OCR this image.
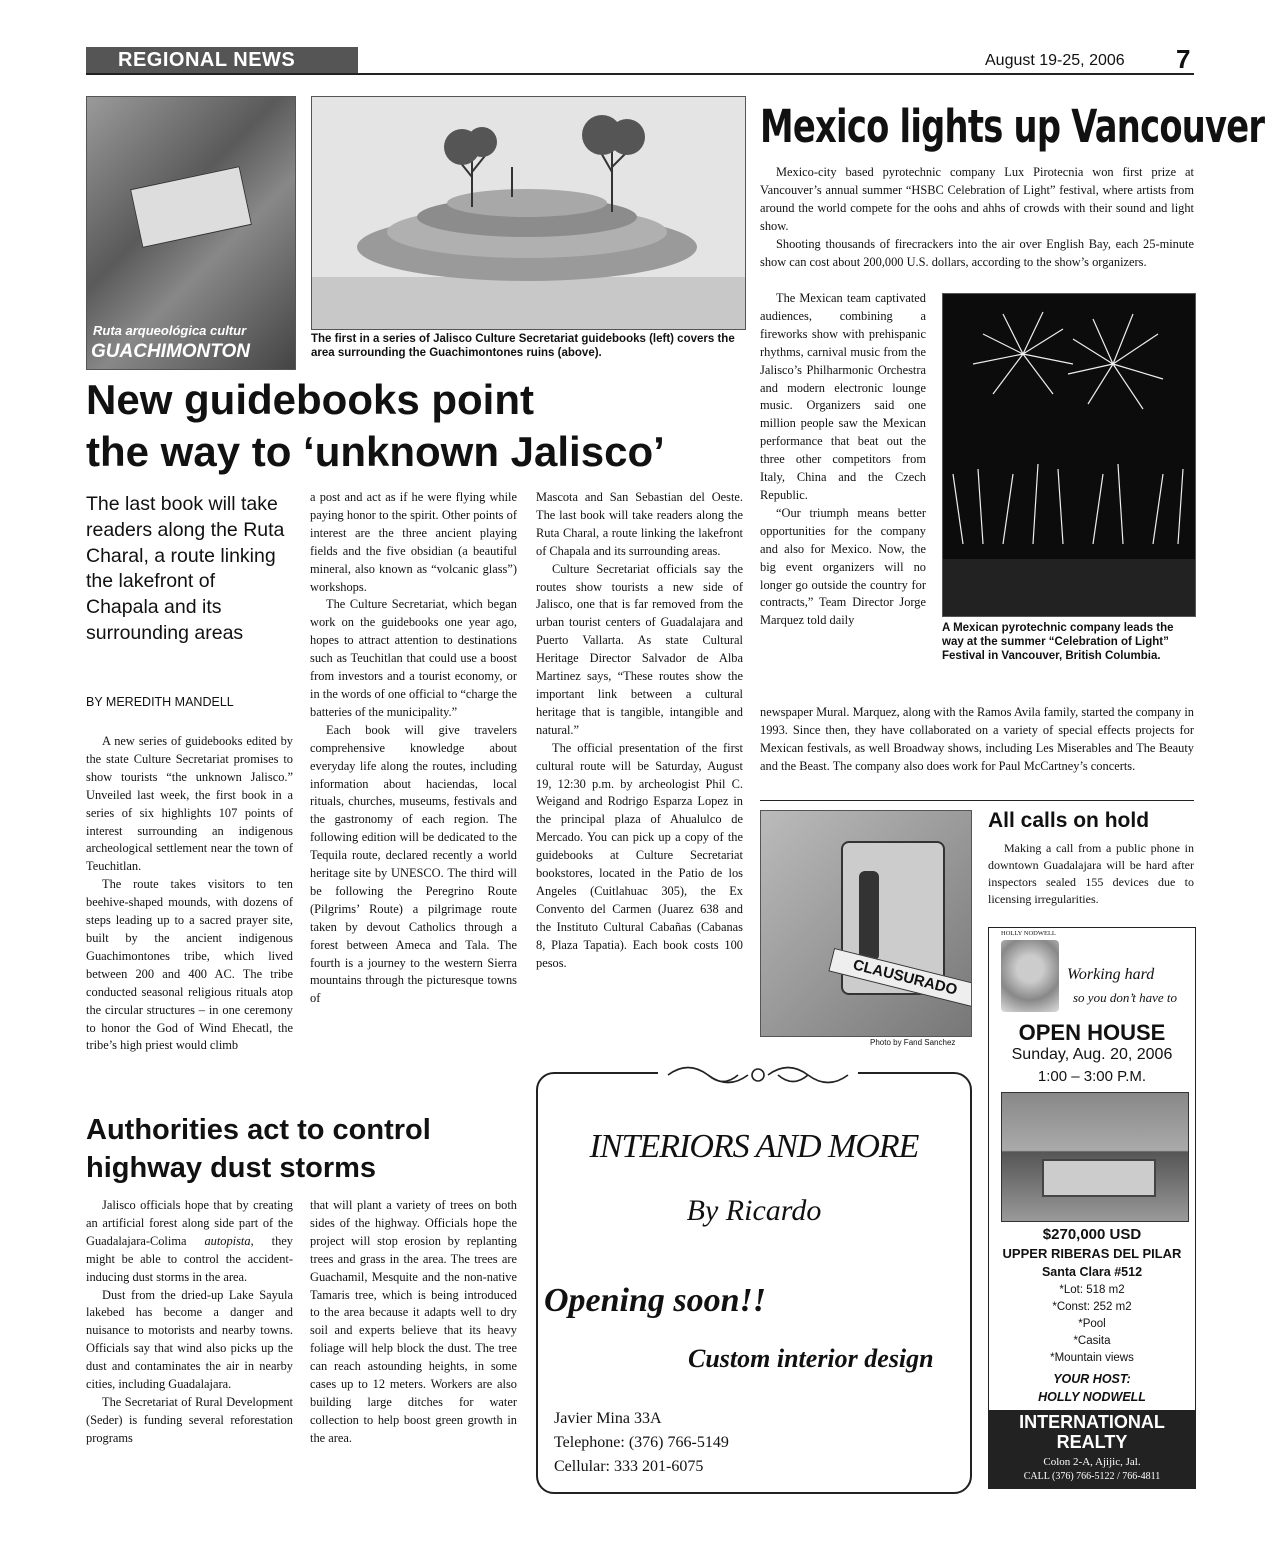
REGIONAL NEWS	August 19-25, 2006 7
Ruta arqueológica cultur
GUACHIMONTON
The first in a series of Jalisco Culture Secretariat guidebooks (left) covers the area surrounding the Guachimontones ruins (above).
New guidebooks point
the way to ‘unknown Jalisco’
The last book will take readers along the Ruta Charal, a route linking the lakefront of Chapala and its surrounding areas
BY MEREDITH MANDELL

A new series of guidebooks edited by the state Culture Secretariat promises to show tourists “the unknown Jalisco.” Unveiled last week, the first book in a series of six highlights 107 points of interest surrounding an indigenous archeological settlement near the town of Teuchitlan.

The route takes visitors to ten beehive-shaped mounds, with dozens of steps leading up to a sacred prayer site, built by the ancient indigenous Guachimontones tribe, which lived between 200 and 400 AC. The tribe conducted seasonal religious rituals atop the circular structures – in one ceremony to honor the God of Wind Ehecatl, the tribe’s high priest would climb

a post and act as if he were flying while paying honor to the spirit. Other points of interest are the three ancient playing fields and the five obsidian (a beautiful mineral, also known as “volcanic glass”) workshops.

The Culture Secretariat, which began work on the guidebooks one year ago, hopes to attract attention to destinations such as Teuchitlan that could use a boost from investors and a tourist economy, or in the words of one official to “charge the batteries of the municipality.”

Each book will give travelers comprehensive knowledge about everyday life along the routes, including information about haciendas, local rituals, churches, museums, festivals and the gastronomy of each region. The following edition will be dedicated to the Tequila route, declared recently a world heritage site by UNESCO. The third will be following the Peregrino Route (Pilgrims’ Route) a pilgrimage route taken by devout Catholics through a forest between Ameca and Tala. The fourth is a journey to the western Sierra mountains through the picturesque towns of

Mascota and San Sebastian del Oeste. The last book will take readers along the Ruta Charal, a route linking the lakefront of Chapala and its surrounding areas.

Culture Secretariat officials say the routes show tourists a new side of Jalisco, one that is far removed from the urban tourist centers of Guadalajara and Puerto Vallarta. As state Cultural Heritage Director Salvador de Alba Martinez says, “These routes show the important link between a cultural heritage that is tangible, intangible and natural.”

The official presentation of the first cultural route will be Saturday, August 19, 12:30 p.m. by archeologist Phil C. Weigand and Rodrigo Esparza Lopez in the principal plaza of Ahualulco de Mercado. You can pick up a copy of the guidebooks at Culture Secretariat bookstores, located in the Patio de los Angeles (Cuitlahuac 305), the Ex Convento del Carmen (Juarez 638 and the Instituto Cultural Cabañas (Cabanas 8, Plaza Tapatia). Each book costs 100 pesos.

Mexico lights up Vancouver

Mexico-city based pyrotechnic company Lux Pirotecnia won first prize at Vancouver’s annual summer “HSBC Celebration of Light” festival, where artists from around the world compete for the oohs and ahhs of crowds with their sound and light show.

Shooting thousands of firecrackers into the air over English Bay, each 25-minute show can cost about 200,000 U.S. dollars, according to the show’s organizers.

The Mexican team captivated audiences, combining a fireworks show with prehispanic rhythms, carnival music from the Jalisco’s Philharmonic Orchestra and modern electronic lounge music. Organizers said one million people saw the Mexican performance that beat out the three other competitors from Italy, China and the Czech Republic.

“Our triumph means better opportunities for the company and also for Mexico. Now, the big event organizers will no longer go outside the country for contracts,” Team Director Jorge Marquez told daily

A Mexican pyrotechnic company leads the way at the summer “Celebration of Light” Festival in Vancouver, British Columbia.

newspaper Mural. Marquez, along with the Ramos Avila family, started the company in 1993. Since then, they have collaborated on a variety of special effects projects for Mexican festivals, as well Broadway shows, including Les Miserables and The Beauty and the Beast. The company also does work for Paul McCartney’s concerts.

CLAUSURADO
Photo by Fand Sanchez
All calls on hold

Making a call from a public phone in downtown Guadalajara will be hard after inspectors sealed 155 devices due to licensing irregularities.

HOLLY NODWELL
Working hard
so you don’t have to
OPEN HOUSE
Sunday, Aug. 20, 2006
1:00 – 3:00 P.M.
$270,000 USD
UPPER RIBERAS DEL PILAR
Santa Clara #512
*Lot: 518 m2
*Const: 252 m2
*Pool
*Casita
*Mountain views
YOUR HOST:
HOLLY NODWELL
INTERNATIONAL
REALTY
Colon 2-A, Ajijic, Jal.
CALL (376) 766-5122 / 766-4811
Authorities act to control
highway dust storms

Jalisco officials hope that by creating an artificial forest along side part of the Guadalajara-Colima autopista, they might be able to control the accident-inducing dust storms in the area.

Dust from the dried-up Lake Sayula lakebed has become a danger and nuisance to motorists and nearby towns. Officials say that wind also picks up the dust and contaminates the air in nearby cities, including Guadalajara.

The Secretariat of Rural Development (Seder) is funding several reforestation programs

that will plant a variety of trees on both sides of the highway. Officials hope the project will stop erosion by replanting trees and grass in the area. The trees are Guachamil, Mesquite and the non-native Tamaris tree, which is being introduced to the area because it adapts well to dry soil and experts believe that its heavy foliage will help block the dust. The tree can reach astounding heights, in some cases up to 12 meters. Workers are also building large ditches for water collection to help boost green growth in the area.

INTERIORS AND MORE
By Ricardo
Opening soon!!
Custom interior design
Javier Mina 33A
Telephone: (376) 766-5149
Cellular: 333 201-6075
